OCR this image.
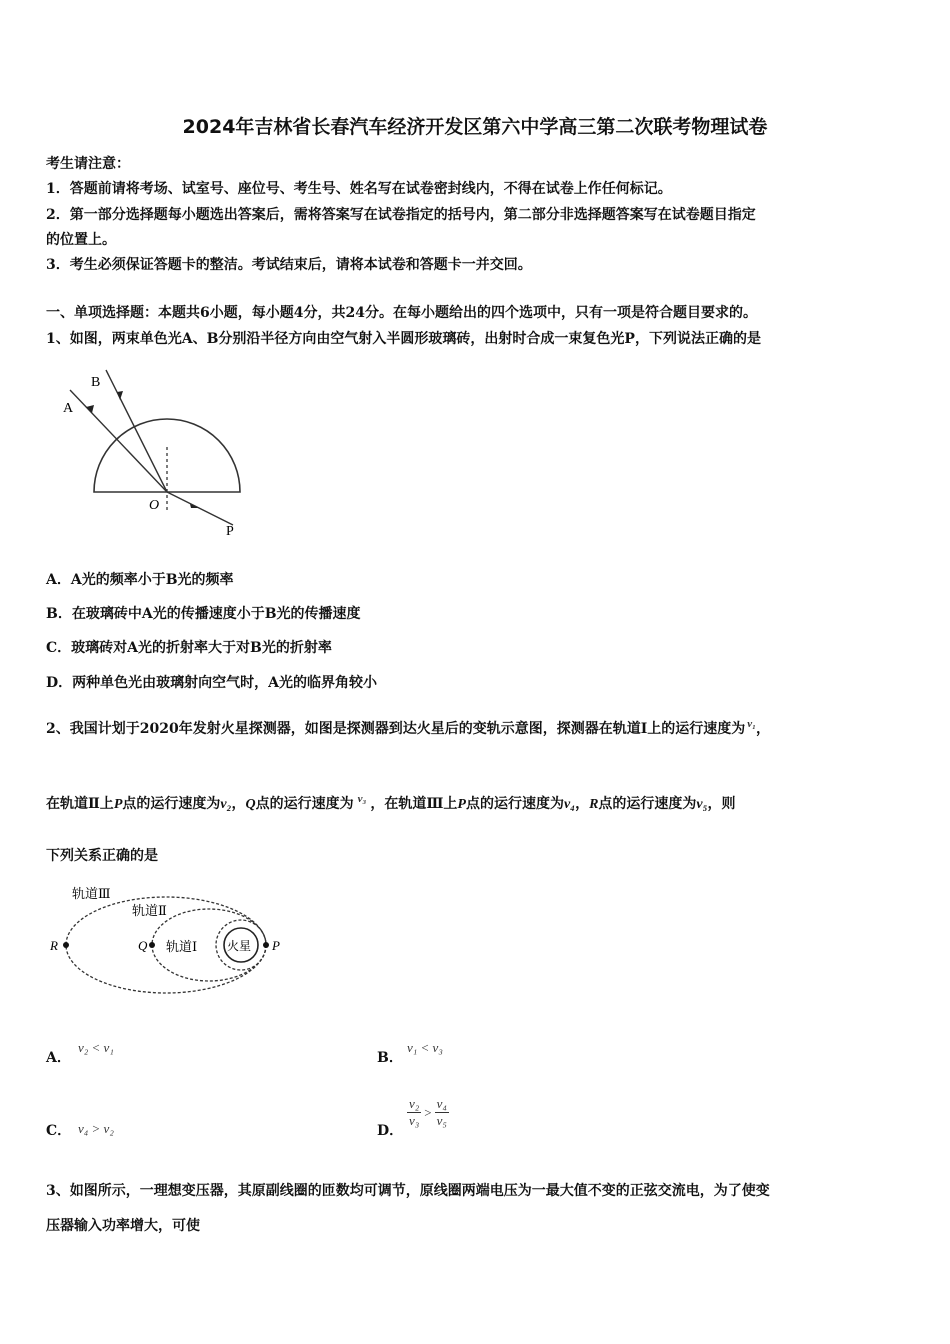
2024年吉林省长春汽车经济开发区第六中学高三第二次联考物理试卷
考生请注意：
1．答题前请将考场、试室号、座位号、考生号、姓名写在试卷密封线内，不得在试卷上作任何标记。
2．第一部分选择题每小题选出答案后，需将答案写在试卷指定的括号内，第二部分非选择题答案写在试卷题目指定
的位置上。
3．考生必须保证答题卡的整洁。考试结束后，请将本试卷和答题卡一并交回。
一、单项选择题：本题共6小题，每小题4分，共24分。在每小题给出的四个选项中，只有一项是符合题目要求的。
1、如图，两束单色光A、B分别沿半径方向由空气射入半圆形玻璃砖，出射时合成一束复色光P，下列说法正确的是
A
B
O
P
A．A光的频率小于B光的频率
B．在玻璃砖中A光的传播速度小于B光的传播速度
C．玻璃砖对A光的折射率大于对B光的折射率
D．两种单色光由玻璃射向空气时，A光的临界角较小
2、我国计划于2020年发射火星探测器，如图是探测器到达火星后的变轨示意图，探测器在轨道Ⅰ上的运行速度为 $^{v_1}$，
在轨道Ⅱ上P点的运行速度为v₂，Q点的运行速度为 $^{v_3}$ ，在轨道Ⅲ上P点的运行速度为v₄，R点的运行速度为v₅，则
下列关系正确的是
轨道Ⅲ
轨道Ⅱ
轨道Ⅰ 火星
R	Q	P
A．
v₂ < v₁
B．
v₁ < v₃
C． v₄ > v₂	D．
$\frac{\text{v₂}}{\text{v₃}} > \frac{\text{v₄}}{\text{v₅}}$
3、如图所示，一理想变压器，其原副线圈的匝数均可调节，原线圈两端电压为一最大值不变的正弦交流电，为了使变
压器输入功率增大，可使
